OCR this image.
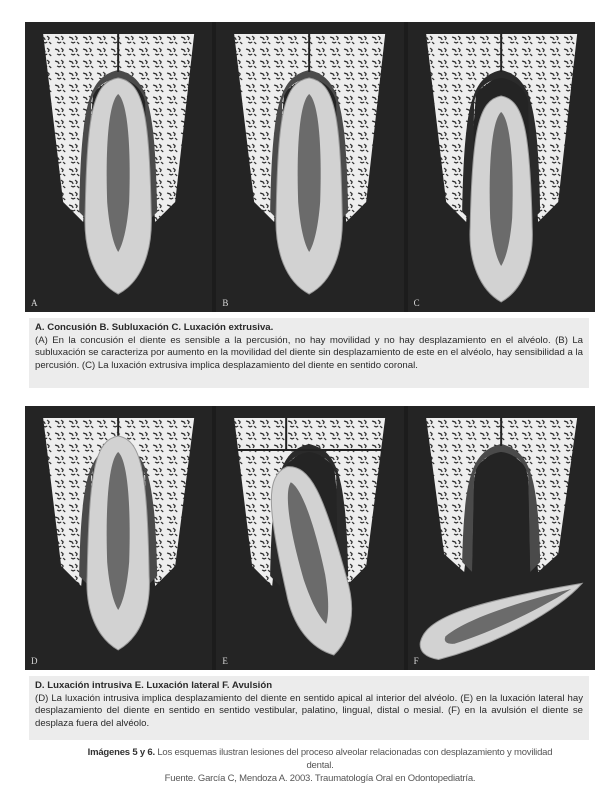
A	B	C
A. Concusión B. Subluxación C. Luxación extrusiva.
(A) En la concusión el diente es sensible a la percusión, no hay movilidad y no hay desplazamiento en el alvéolo. (B) La subluxación se caracteriza por aumento en la movilidad del diente sin desplazamiento de este en el alvéolo, hay sensibilidad a la percusión. (C) La luxación extrusiva implica desplazamiento del diente en sentido coronal.
D	E	F
D. Luxación intrusiva E. Luxación lateral F. Avulsión
(D) La luxación intrusiva implica desplazamiento del diente en sentido apical al interior del alvéolo. (E) en la luxación lateral hay desplazamiento del diente en sentido en sentido vestibular, palatino, lingual, distal o mesial. (F) en la avulsión el diente se desplaza fuera del alvéolo.
Imágenes 5 y 6. Los esquemas ilustran lesiones del proceso alveolar relacionadas con desplazamiento y movilidad dental.
Fuente. García C, Mendoza A. 2003. Traumatología Oral en Odontopediatría.
